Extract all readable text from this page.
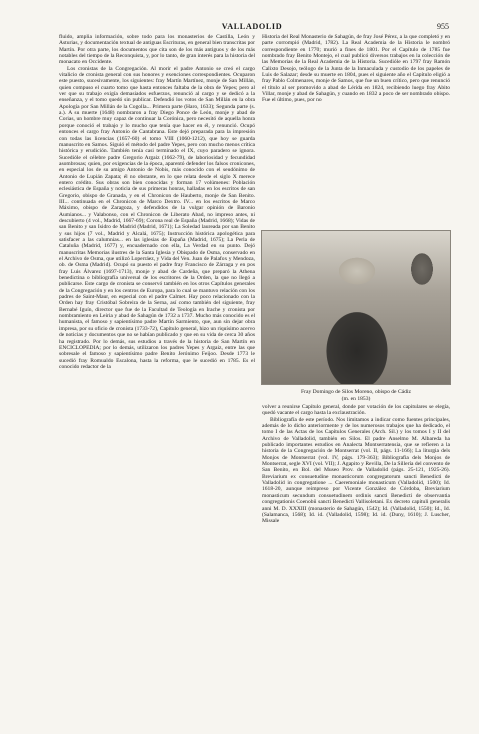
VALLADOLID	955

fluido, amplia información, sobre todo para los monasterios de Castilla, León y Asturias, y documentación textual de antiguas Escrituras, en general bien transcritas por Martín. Por otra parte, los documentos que cita son de los más antiguos y de los más notables del tiempo de la Reconquista, y, por lo tanto, de gran interés para la historia del monacato en Occidente.

Los cronistas de la Congregación. Al morir el padre Antonio se creó el cargo vitalicio de cronista general con sus honores y exenciones correspondientes. Ocuparon este puesto, sucesivamente, los siguientes: fray Martín Martínez, monje de San Millán, quien compuso el cuarto tomo que hasta entonces faltaba de la obra de Yepes; pero al ver que su trabajo exigía demasiados esfuerzos, renunció al cargo y se dedicó a la enseñanza, y el tomo quedó sin publicar. Defendió los votos de San Millán en la obra Apología por San Millán de la Cogolla... Primera parte (Haro, 1633); Segunda parte (s. a.). A su muerte (1648) nombraron a fray Diego Ponce de León, monje y abad de Corias, un hombre muy capaz de continuar la Corónica, pero necesitó de aquella honra porque conoció el trabajo y lo mucho que tenía que hacer en él, y renunció. Ocupó entonces el cargo fray Antonio de Cantabrana. Este dejó preparada para la impresión con todas las licencias (1657-60) el tomo VIII (1060-1212), que hoy se guarda manuscrito en Samos. Siguió el método del padre Yepes, pero con mucho menos crítica histórica y erudición. También tenía casi terminado el IX, cuyo paradero se ignora. Sucedióle el célebre padre Gregorio Argaiz (1662-79), de laboriosidad y fecundidad asombrosas; quien, por exigencias de la época, aparentó defender los falsos cronicones, en especial los de su amigo Antonio de Nobis, más conocido con el seudónimo de Antonio de Lupián Zapata; él no obstante, en lo que relata desde el siglo X merece entero crédito. Sus obras son bien conocidas y forman 17 volúmenes: Población eclesiástica de España y noticia de sus primeras honras, halladas en los escritos de san Gregorio, obispo de Granada, y en el Chronicon de Hauberto, monje de San Benito. III... continuada en el Chronicon de Marco Dextro. IV... en los escritos de Marco Máximo, obispo de Zaragoza, y defendidos de la vulgar opinión de Baronio Aumianos... y Valabonso, con el Chronicon de Liberato Abad, no impreso antes, ni descubierto (4 vol., Madrid, 1667-69); Corona real de España (Madrid, 1668); Vidas de san Benito y san Isidro de Madrid (Madrid, 1671); La Soledad laureada por san Benito y sus hijos (7 vol., Madrid y Alcalá, 1675); Instrucción histórica apologética para satisfacer a las calumnias... en las iglesias de España (Madrid, 1675); La Perla de Cataluña (Madrid, 1677) y, encuadernado con ella, La Verdad en su punto. Dejó manuscritas Memorias ilustres de la Santa Iglesia y Obispado de Osma, conservado en el Archivo de Osma, que utilizó Loperráez, y Vida del Ven. Juan de Palafox y Mendoza, ob. de Osma (Madrid). Ocupó su puesto el padre fray Francisco de Zárraga y en pos fray Luis Álvarez (1697-1713), monje y abad de Cardeña, que preparó la Athena benedictina o bibliografía universal de los escritores de la Orden, la que no llegó a publicarse. Este cargo de cronista se conservó también en los otros Capítulos generales de la Congregación y en los centros de Europa, para lo cual se mantuvo relación con los padres de Saint-Maur, en especial con el padre Calmet. Hay poco relacionado con la Orden hay fray Cristóbal Sobreira de la Serna, así como también del siguiente, fray Bernabé Iguín, director que fue de la Facultad de Teología en Irache y cronista por nombramiento en Leiria y abad de Sahagún de 1732 a 1737. Mucho más conocido es el humanista, el famoso y sapientísimo padre Martín Sarmiento, que, aun sin dejar obra impresa, por su oficio de cronista (1733-72), Capítulo general, hizo un riquísimo acervo de noticias y documentos que no se habían publicado y que en su vida de cerca 30 años ha registrado. Por lo demás, sus estudios a través de la historia de San Martín en ENCICLOPEDIA; por lo demás, utilizaron los padres Yepes y Argaiz, entre las que sobresale el famoso y sapientísimo padre Benito Jerónimo Feijoo. Desde 1773 le sucedió fray Romualdo Escalona, hasta la reforma, que le sucedió en 1785. Es el conocido redactor de la

Historia del Real Monasterio de Sahagún, de fray José Pérez, a la que completó y en parte corrompió (Madrid, 1782). La Real Academia de la Historia le nombró correspondiente en 1770; murió a fines de 1801. Por el Capítulo de 1785 fue nombrado fray Benito Montejo, el cual publicó diversos trabajos en la colección de las Memorias de la Real Academia de la Historia. Sucedióle en 1797 fray Ramón Calixto Desojo, teólogo de la Junta de la Inmaculada y custodio de los papeles de Luis de Salazar; desde su muerte en 1804, pues el siguiente año el Capítulo eligió a fray Pablo Colmenares, monje de Samos, que fue un buen crítico, pero que renunció el título al ser promovido a abad de Lérida en 1824, recibiendo luego fray Abito Villar, monje y abad de Sahagún, y cuando en 1832 a poco de ser nombrado obispo. Fue el último, pues, por no

Fray Domingo de Silos Moreno, obispo de Cádiz
(m. en 1853)

volver a reunirse Capítulo general, donde por votación de los capitulares se elegía, quedó vacante el cargo hasta la exclaustración.

Bibliografía de este período. Nos limitamos a indicar como fuentes principales, además de lo dicho anteriormente y de los numerosos trabajos que ha dedicado, el tomo I de las Actas de los Capítulos Generales (Arch. Sil.) y los tomos I y II del Archivo de Valladolid, también en Silos. El padre Anselmo M. Albareda ha publicado importantes estudios en Analecta Montserratensia, que se refieren a la historia de la Congregación de Montserrat (vol. II, págs. 11-166); La liturgia dels Monjos de Montserrat (vol. IV, págs. 179-363); Bibliografia dels Monjos de Montserrat, segle XVI (vol. VII); J. Agapito y Revilla, De la Sillería del convento de San Benito, en Bol. del Museo Prov. de Valladolid (págs. 25-121, 1925-26). Breviarium ex consuetudine monasticorum congregatorum sancti Benedicti de Valladolid in congregatione ... Caeremoniale monasticum (Valladolid, 1500); Id. 1618-20, aunque reimpreso por Vicente González de Córdoba, Breviarium monasticum secundum consuetudinem ordinis sancti Benedicti de observantia congregationis Coenobii sancti Benedicti Vallisoletani. Ex decreto capituli generalis anni M. D. XXXIII (monasterio de Sahagún, 1542); Id. (Valladolid, 1550); Id., Id. (Salamanca, 1568); Id. id. (Valladolid, 1598); Id. id. (Duny, 1610); J. Luscher, Missale
